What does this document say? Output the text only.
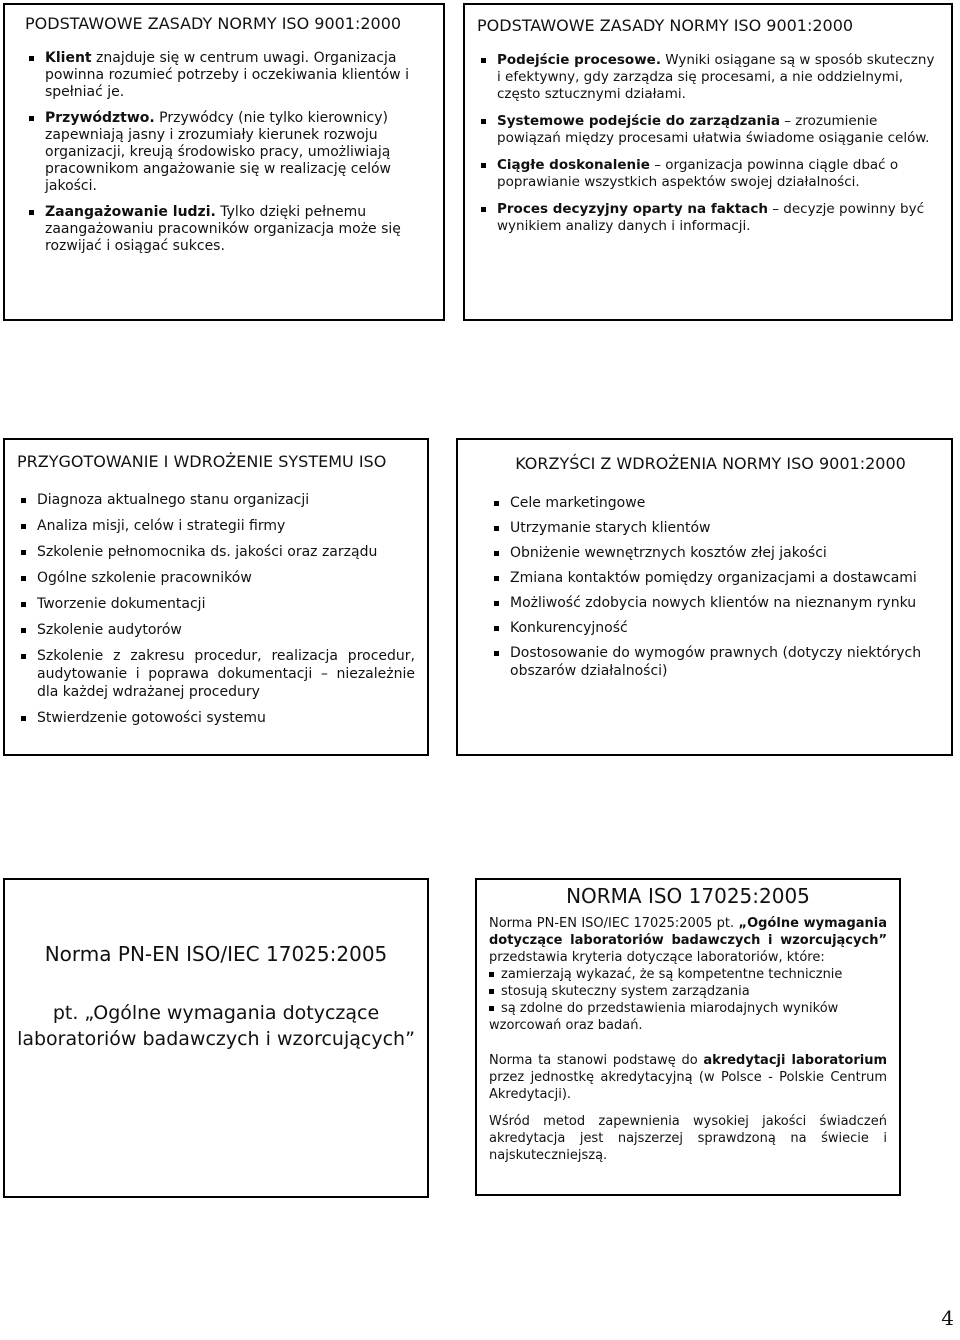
PODSTAWOWE ZASADY NORMY ISO 9001:2000
Klient znajduje się w centrum uwagi. Organizacja powinna rozumieć potrzeby i oczekiwania klientów i spełniać je.
Przywództwo. Przywódcy (nie tylko kierownicy) zapewniają jasny i zrozumiały kierunek rozwoju organizacji, kreują środowisko pracy, umożliwiają pracownikom angażowanie się w realizację celów jakości.
Zaangażowanie ludzi. Tylko dzięki pełnemu zaangażowaniu pracowników organizacja może się rozwijać i osiągać sukces.
PODSTAWOWE ZASADY NORMY ISO 9001:2000
Podejście procesowe. Wyniki osiągane są w sposób skuteczny i efektywny, gdy zarządza się procesami, a nie oddzielnymi, często sztucznymi działami.
Systemowe podejście do zarządzania – zrozumienie powiązań między procesami ułatwia świadome osiąganie celów.
Ciągłe doskonalenie – organizacja powinna ciągle dbać o poprawianie wszystkich aspektów swojej działalności.
Proces decyzyjny oparty na faktach – decyzje powinny być wynikiem analizy danych i informacji.
PRZYGOTOWANIE I WDROŻENIE SYSTEMU ISO
Diagnoza aktualnego stanu organizacji
Analiza misji, celów i strategii firmy
Szkolenie pełnomocnika ds. jakości oraz zarządu
Ogólne szkolenie pracowników
Tworzenie dokumentacji
Szkolenie audytorów
Szkolenie z zakresu procedur, realizacja procedur, audytowanie i poprawa dokumentacji – niezależnie dla każdej wdrażanej procedury
Stwierdzenie gotowości systemu
KORZYŚCI Z WDROŻENIA NORMY ISO 9001:2000
Cele marketingowe
Utrzymanie starych klientów
Obniżenie wewnętrznych kosztów złej jakości
Zmiana kontaktów pomiędzy organizacjami a dostawcami
Możliwość zdobycia nowych klientów na nieznanym rynku
Konkurencyjność
Dostosowanie do wymogów prawnych (dotyczy niektórych obszarów działalności)
Norma PN-EN ISO/IEC 17025:2005
pt. „Ogólne wymagania dotyczące laboratoriów badawczych i wzorcujących”
NORMA ISO 17025:2005

Norma PN-EN ISO/IEC 17025:2005 pt. „Ogólne wymagania dotyczące laboratoriów badawczych i wzorcujących” przedstawia kryteria dotyczące laboratoriów, które:

zamierzają wykazać, że są kompetentne technicznie
stosują skuteczny system zarządzania
są zdolne do przedstawienia miarodajnych wyników

wzorcowań oraz badań.

Norma ta stanowi podstawę do akredytacji laboratorium przez jednostkę akredytacyjną (w Polsce - Polskie Centrum Akredytacji).

Wśród metod zapewnienia wysokiej jakości świadczeń akredytacja jest najszerzej sprawdzoną na świecie i najskuteczniejszą.

4
